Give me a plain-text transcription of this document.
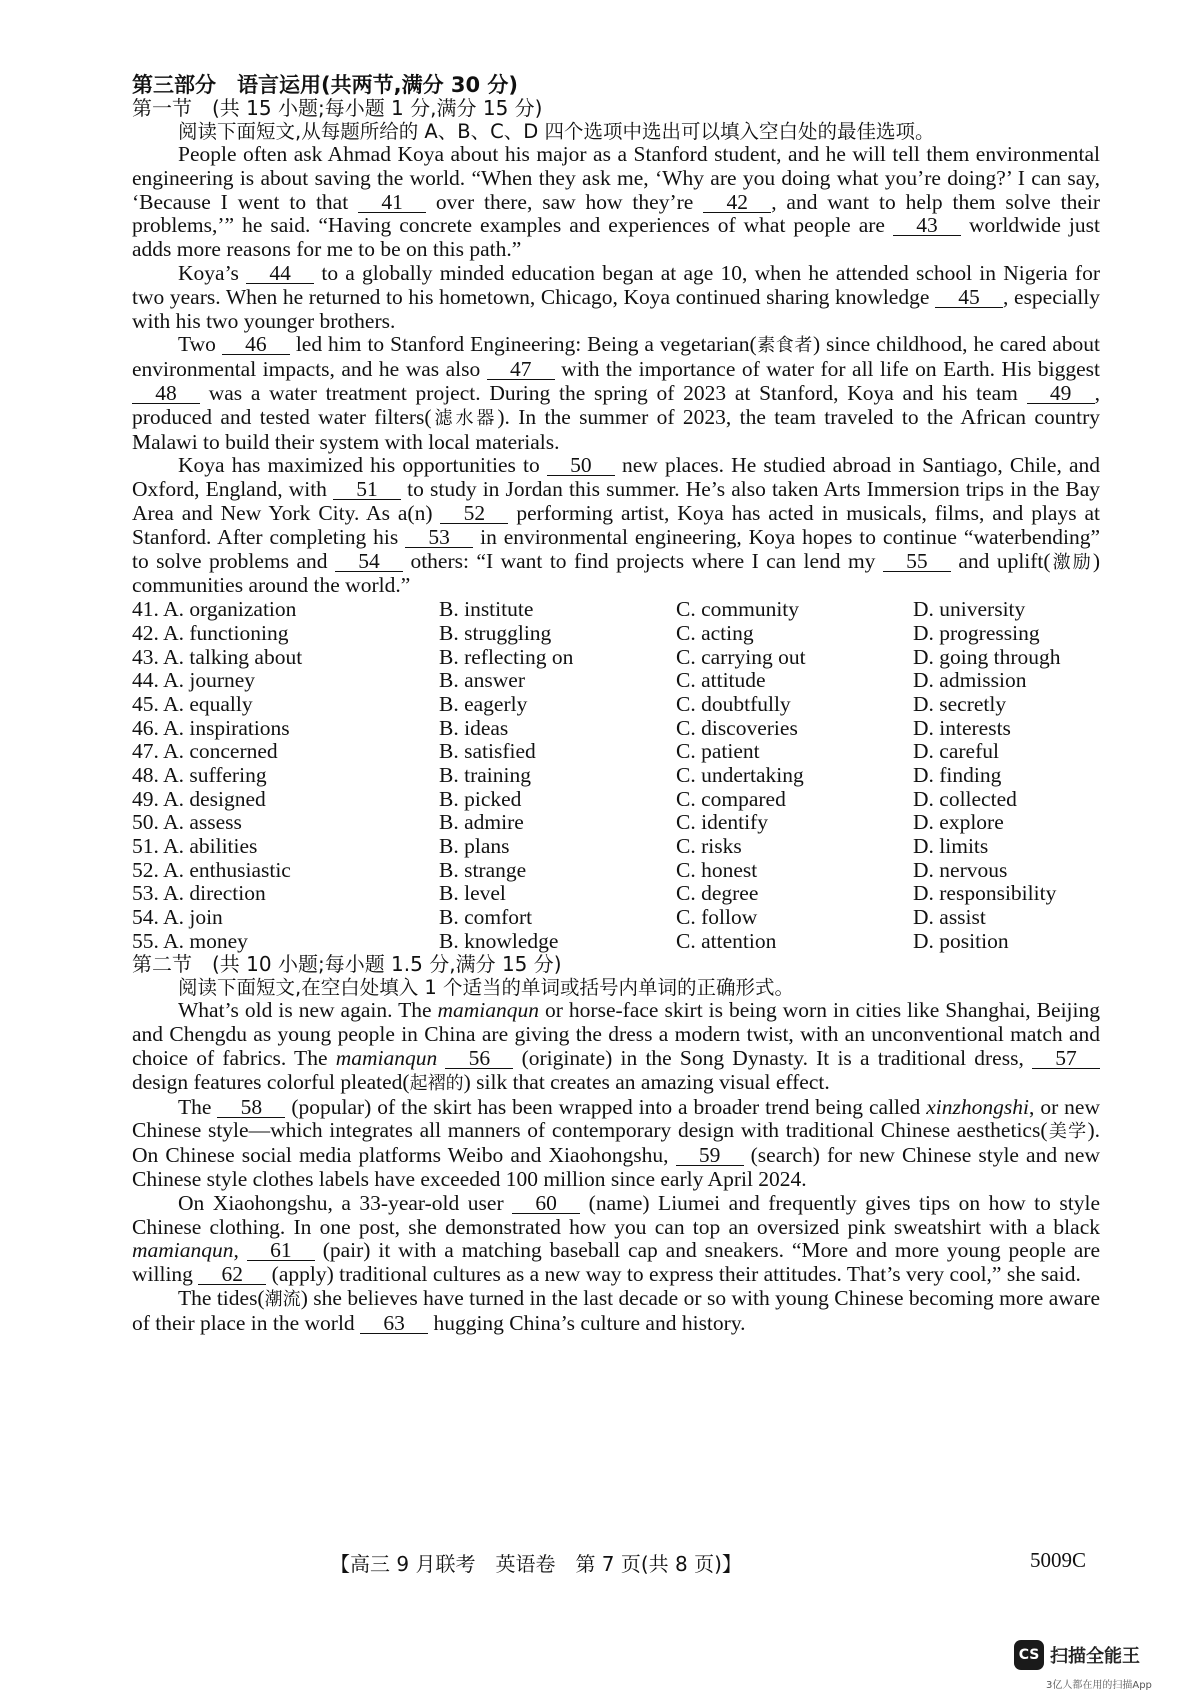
第三部分　语言运用(共两节,满分 30 分)
第一节　(共 15 小题;每小题 1 分,满分 15 分)
阅读下面短文,从每题所给的 A、B、C、D 四个选项中选出可以填入空白处的最佳选项。

People often ask Ahmad Koya about his major as a Stanford student, and he will tell them environmental engineering is about saving the world. “When they ask me, ‘Why are you doing what you’re doing?’ I can say, ‘Because I went to that 41 over there, saw how they’re 42 , and want to help them solve their problems,’” he said. “Having concrete examples and experiences of what people are 43 worldwide just adds more reasons for me to be on this path.”

Koya’s 44 to a globally minded education began at age 10, when he attended school in Nigeria for two years. When he returned to his hometown, Chicago, Koya continued sharing knowledge 45 , especially with his two younger brothers.

Two 46 led him to Stanford Engineering: Being a vegetarian(素食者) since childhood, he cared about environmental impacts, and he was also 47 with the importance of water for all life on Earth. His biggest 48 was a water treatment project. During the spring of 2023 at Stanford, Koya and his team 49 , produced and tested water filters(滤水器). In the summer of 2023, the team traveled to the African country Malawi to build their system with local materials.

Koya has maximized his opportunities to 50 new places. He studied abroad in Santiago, Chile, and Oxford, England, with 51 to study in Jordan this summer. He’s also taken Arts Immersion trips in the Bay Area and New York City. As a(n) 52 performing artist, Koya has acted in musicals, films, and plays at Stanford. After completing his 53 in environmental engineering, Koya hopes to continue “waterbending” to solve problems and 54 others: “I want to find projects where I can lend my 55 and uplift(激励) communities around the world.”

41. A. organization	B. institute	C. community	D. university
42. A. functioning	B. struggling	C. acting	D. progressing
43. A. talking about	B. reflecting on	C. carrying out	D. going through
44. A. journey	B. answer	C. attitude	D. admission
45. A. equally	B. eagerly	C. doubtfully	D. secretly
46. A. inspirations	B. ideas	C. discoveries	D. interests
47. A. concerned	B. satisfied	C. patient	D. careful
48. A. suffering	B. training	C. undertaking	D. finding
49. A. designed	B. picked	C. compared	D. collected
50. A. assess	B. admire	C. identify	D. explore
51. A. abilities	B. plans	C. risks	D. limits
52. A. enthusiastic	B. strange	C. honest	D. nervous
53. A. direction	B. level	C. degree	D. responsibility
54. A. join	B. comfort	C. follow	D. assist
55. A. money	B. knowledge	C. attention	D. position
第二节　(共 10 小题;每小题 1.5 分,满分 15 分)
阅读下面短文,在空白处填入 1 个适当的单词或括号内单词的正确形式。

What’s old is new again. The mamianqun or horse-face skirt is being worn in cities like Shanghai, Beijing and Chengdu as young people in China are giving the dress a modern twist, with an unconventional match and choice of fabrics. The mamianqun 56 (originate) in the Song Dynasty. It is a traditional dress, 57 design features colorful pleated(起褶的) silk that creates an amazing visual effect.

The 58 (popular) of the skirt has been wrapped into a broader trend being called xinzhongshi, or new Chinese style—which integrates all manners of contemporary design with traditional Chinese aesthetics(美学). On Chinese social media platforms Weibo and Xiaohongshu, 59 (search) for new Chinese style and new Chinese style clothes labels have exceeded 100 million since early April 2024.

On Xiaohongshu, a 33-year-old user 60 (name) Liumei and frequently gives tips on how to style Chinese clothing. In one post, she demonstrated how you can top an oversized pink sweatshirt with a black mamianqun, 61 (pair) it with a matching baseball cap and sneakers. “More and more young people are willing 62 (apply) traditional cultures as a new way to express their attitudes. That’s very cool,” she said.

The tides(潮流) she believes have turned in the last decade or so with young Chinese becoming more aware of their place in the world 63 hugging China’s culture and history.

【高三 9 月联考　英语卷　第 7 页(共 8 页)】	5009C
CS 扫描全能王
3亿人都在用的扫描App
